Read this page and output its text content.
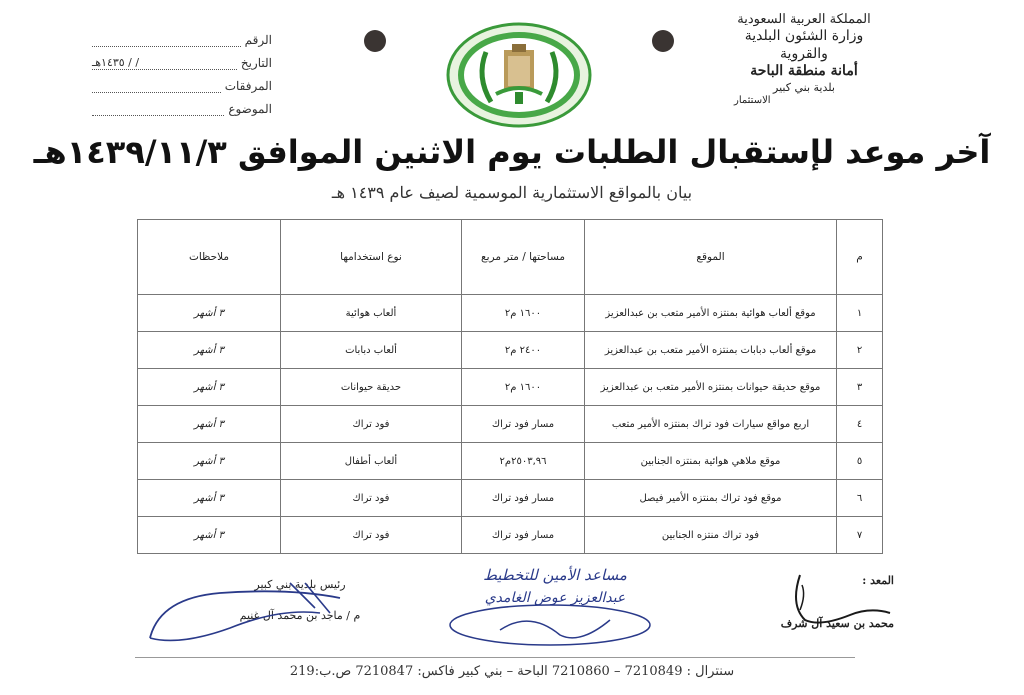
المملكة العربية السعودية
وزارة الشئون البلدية والقروية
أمانة منطقة الباحة
بلدية بني كبير
الاستثمار
الرقم
التاريخ
١٤٣٥هـ / /
المرفقات
الموضوع
آخر موعد لإستقبال الطلبات يوم الاثنين الموافق ١٤٣٩/١١/٣هـ
بيان بالمواقع الاستثمارية الموسمية لصيف عام ١٤٣٩ هـ
م	الموقع	مساحتها / متر مربع	نوع استخدامها	ملاحظات
١	موقع ألعاب هوائية بمنتزه الأمير متعب بن عبدالعزيز	١٦٠٠ م٢	ألعاب هوائية	٣ أشهر
٢	موقع ألعاب دبابات بمنتزه الأمير متعب بن عبدالعزيز	٢٤٠٠ م٢	ألعاب دبابات	٣ أشهر
٣	موقع حديقة حيوانات بمنتزه الأمير متعب بن عبدالعزيز	١٦٠٠ م٢	حديقة حيوانات	٣ أشهر
٤	اربع مواقع سيارات فود تراك بمنتزه الأمير متعب	مسار فود تراك	فود تراك	٣ أشهر
٥	موقع ملاهي هوائية بمنتزه الجنابين	٢٥٠٣,٩٦م٢	ألعاب أطفال	٣ أشهر
٦	موقع فود تراك بمنتزه الأمير فيصل	مسار فود تراك	فود تراك	٣ أشهر
٧	فود تراك منتزه الجنابين	مسار فود تراك	فود تراك	٣ أشهر
المعد :
محمد بن سعيد آل شرف
مساعد الأمين للتخطيط
عبدالعزيز عوض الغامدي
رئيس بلدية بني كبير
م / ماجد بن محمد آل غنيم
سنترال : 7210849 – 7210860 الباحة – بني كبير فاكس: 7210847 ص.ب:219
